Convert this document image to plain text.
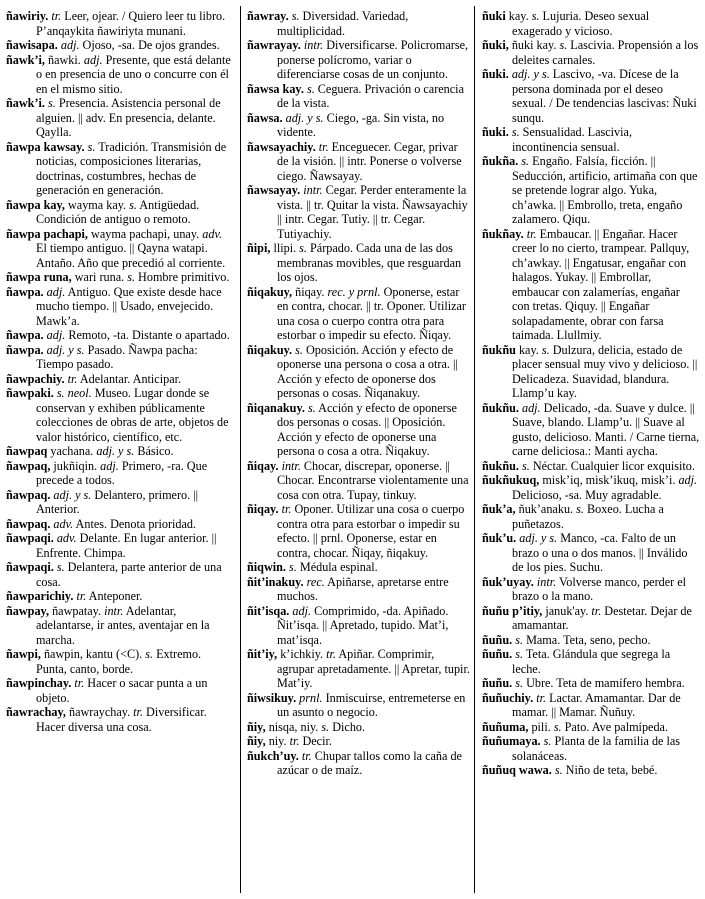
ñawiriy. tr. Leer, ojear. / Quiero leer tu libro. Pʼanqaykita ñawiriyta munani.

ñawisapa. adj. Ojoso, -sa. De ojos grandes.

ñawkʼi, ñawki. adj. Presente, que está delante o en presencia de uno o concurre con él en el mismo sitio.

ñawkʼi. s. Presencia. Asistencia personal de alguien. || adv. En presencia, delante. Qaylla.

ñawpa kawsay. s. Tradición. Transmisión de noticias, composiciones literarias, doctrinas, costumbres, hechas de generación en generación.

ñawpa kay, wayma kay. s. Antigüedad. Condición de antiguo o remoto.

ñawpa pachapi, wayma pachapi, unay. adv. El tiempo antiguo. || Qayna watapi. Antaño. Año que precedió al corriente.

ñawpa runa, wari runa. s. Hombre primitivo.

ñawpa. adj. Antiguo. Que existe desde hace mucho tiempo. || Usado, envejecido. Mawkʼa.

ñawpa. adj. Remoto, -ta. Distante o apartado.

ñawpa. adj. y s. Pasado. Ñawpa pacha: Tiempo pasado.

ñawpachiy. tr. Adelantar. Anticipar.

ñawpaki. s. neol. Museo. Lugar donde se conservan y exhiben públicamente colecciones de obras de arte, objetos de valor histórico, científico, etc.

ñawpaq yachana. adj. y s. Básico.

ñawpaq, jukñiqin. adj. Primero, -ra. Que precede a todos.

ñawpaq. adj. y s. Delantero, primero. || Anterior.

ñawpaq. adv. Antes. Denota prioridad.

ñawpaqi. adv. Delante. En lugar anterior. || Enfrente. Chimpa.

ñawpaqi. s. Delantera, parte anterior de una cosa.

ñawparichiy. tr. Anteponer.

ñawpay, ñawpatay. intr. Adelantar, adelantarse, ir antes, aventajar en la marcha.

ñawpi, ñawpin, kantu (<C). s. Extremo. Punta, canto, borde.

ñawpinchay. tr. Hacer o sacar punta a un objeto.

ñawrachay, ñawraychay. tr. Diversificar. Hacer diversa una cosa.

ñawray. s. Diversidad. Variedad, multiplicidad.

ñawrayay. intr. Diversificarse. Policromarse, ponerse polícromo, variar o diferenciarse cosas de un conjunto.

ñawsa kay. s. Ceguera. Privación o carencia de la vista.

ñawsa. adj. y s. Ciego, -ga. Sin vista, no vidente.

ñawsayachiy. tr. Enceguecer. Cegar, privar de la visión. || intr. Ponerse o volverse ciego. Ñawsayay.

ñawsayay. intr. Cegar. Perder enteramente la vista. || tr. Quitar la vista. Ñawsayachiy || intr. Cegar. Tutiy. || tr. Cegar. Tutiyachiy.

ñipi, llipi. s. Párpado. Cada una de las dos membranas movibles, que resguardan los ojos.

ñiqakuy, ñiqay. rec. y prnl. Oponerse, estar en contra, chocar. || tr. Oponer. Utilizar una cosa o cuerpo contra otra para estorbar o impedir su efecto. Ñiqay.

ñiqakuy. s. Oposición. Acción y efecto de oponerse una persona o cosa a otra. || Acción y efecto de oponerse dos personas o cosas. Ñiqanakuy.

ñiqanakuy. s. Acción y efecto de oponerse dos personas o cosas. || Oposición. Acción y efecto de oponerse una persona o cosa a otra. Ñiqakuy.

ñiqay. intr. Chocar, discrepar, oponerse. || Chocar. Encontrarse violentamente una cosa con otra. Tupay, tinkuy.

ñiqay. tr. Oponer. Utilizar una cosa o cuerpo contra otra para estorbar o impedir su efecto. || prnl. Oponerse, estar en contra, chocar. Ñiqay, ñiqakuy.

ñiqwin. s. Médula espinal.

ñitʼinakuy. rec. Apiñarse, apretarse entre muchos.

ñitʼisqa. adj. Comprimido, -da. Apiñado. Ñitʼisqa. || Apretado, tupido. Matʼi, matʼisqa.

ñitʼiy, kʼichkiy. tr. Apiñar. Comprimir, agrupar apretadamente. || Apretar, tupir. Matʼiy.

ñiwsikuy. prnl. Inmiscuirse, entremeterse en un asunto o negocio.

ñiy, nisqa, niy. s. Dicho.

ñiy, niy. tr. Decir.

ñukchʼuy. tr. Chupar tallos como la caña de azúcar o de maíz.

ñuki kay. s. Lujuria. Deseo sexual exagerado y vicioso.

ñuki, ñuki kay. s. Lascivia. Propensión a los deleites carnales.

ñuki. adj. y s. Lascivo, -va. Dícese de la persona dominada por el deseo sexual. / De tendencias lascivas: Ñuki sunqu.

ñuki. s. Sensualidad. Lascivia, incontinencia sensual.

ñukña. s. Engaño. Falsía, ficción. || Seducción, artificio, artimaña con que se pretende lograr algo. Yuka, chʼawka. || Embrollo, treta, engaño zalamero. Qiqu.

ñukñay. tr. Embaucar. || Engañar. Hacer creer lo no cierto, trampear. Pallquy, chʼawkay. || Engatusar, engañar con halagos. Yukay. || Embrollar, embaucar con zalamerías, engañar con tretas. Qiquy. || Engañar solapadamente, obrar con farsa taimada. Llullmiy.

ñukñu kay. s. Dulzura, delicia, estado de placer sensual muy vivo y delicioso. || Delicadeza. Suavidad, blandura. Llampʼu kay.

ñukñu. adj. Delicado, -da. Suave y dulce. || Suave, blando. Llampʼu. || Suave al gusto, delicioso. Manti. / Carne tierna, carne deliciosa.: Manti aycha.

ñukñu. s. Néctar. Cualquier licor exquisito.

ñukñukuq, miskʼiq, miskʼikuq, miskʼi. adj. Delicioso, -sa. Muy agradable.

ñukʼa, ñukʼanaku. s. Boxeo. Lucha a puñetazos.

ñukʼu. adj. y s. Manco, -ca. Falto de un brazo o una o dos manos. || Inválido de los pies. Suchu.

ñukʼuyay. intr. Volverse manco, perder el brazo o la mano.

ñuñu pʼitiy, januk'ay. tr. Destetar. Dejar de amamantar.

ñuñu. s. Mama. Teta, seno, pecho.

ñuñu. s. Teta. Glándula que segrega la leche.

ñuñu. s. Ubre. Teta de mamífero hembra.

ñuñuchiy. tr. Lactar. Amamantar. Dar de mamar. || Mamar. Ñuñuy.

ñuñuma, pili. s. Pato. Ave palmípeda.

ñuñumaya. s. Planta de la familia de las solanáceas.

ñuñuq wawa. s. Niño de teta, bebé.
